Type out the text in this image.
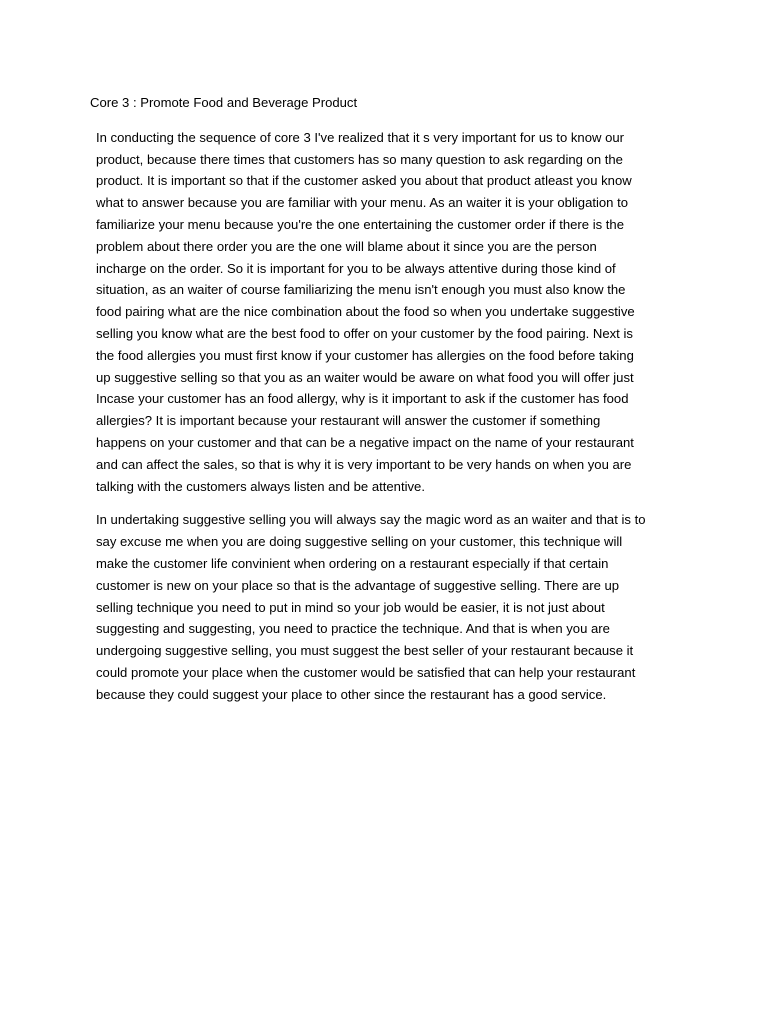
Core 3 : Promote Food and Beverage Product
In conducting the sequence of core 3 I've realized that it s very important for us to know our
product, because there times that customers has so many question to ask regarding on the
product. It is important so that if the customer asked you about that product atleast you know
what to answer because you are familiar with your menu. As an waiter it is your obligation to
familiarize your menu because you're the one entertaining the customer order if there is the
problem about there order you are the one will blame about it since you are the person
incharge on the order. So it is important for you to be always attentive during those kind of
situation, as an waiter of course familiarizing the menu isn't enough you must also know the
food pairing what are the nice combination about the food so when you undertake suggestive
selling you know what are the best food to offer on your customer by the food pairing. Next is
the food allergies you must first know if your customer has allergies on the food before taking
up suggestive selling so that you as an waiter would be aware on what food you will offer just
Incase your customer has an food allergy, why is it important to ask if the customer has food
allergies? It is important because your restaurant will answer the customer if something
happens on your customer and that can be a negative impact on the name of your restaurant
and can affect the sales, so that is why it is very important to be very hands on when you are
talking with the customers always listen and be attentive.
In undertaking suggestive selling you will always say the magic word as an waiter and that is to
say excuse me when you are doing suggestive selling on your customer, this technique will
make the customer life convinient when ordering on a restaurant especially if that certain
customer is new on your place so that is the advantage of suggestive selling. There are up
selling technique you need to put in mind so your job would be easier, it is not just about
suggesting and suggesting, you need to practice the technique. And that is when you are
undergoing suggestive selling, you must suggest the best seller of your restaurant because it
could promote your place when the customer would be satisfied that can help your restaurant
because they could suggest your place to other since the restaurant has a good service.
